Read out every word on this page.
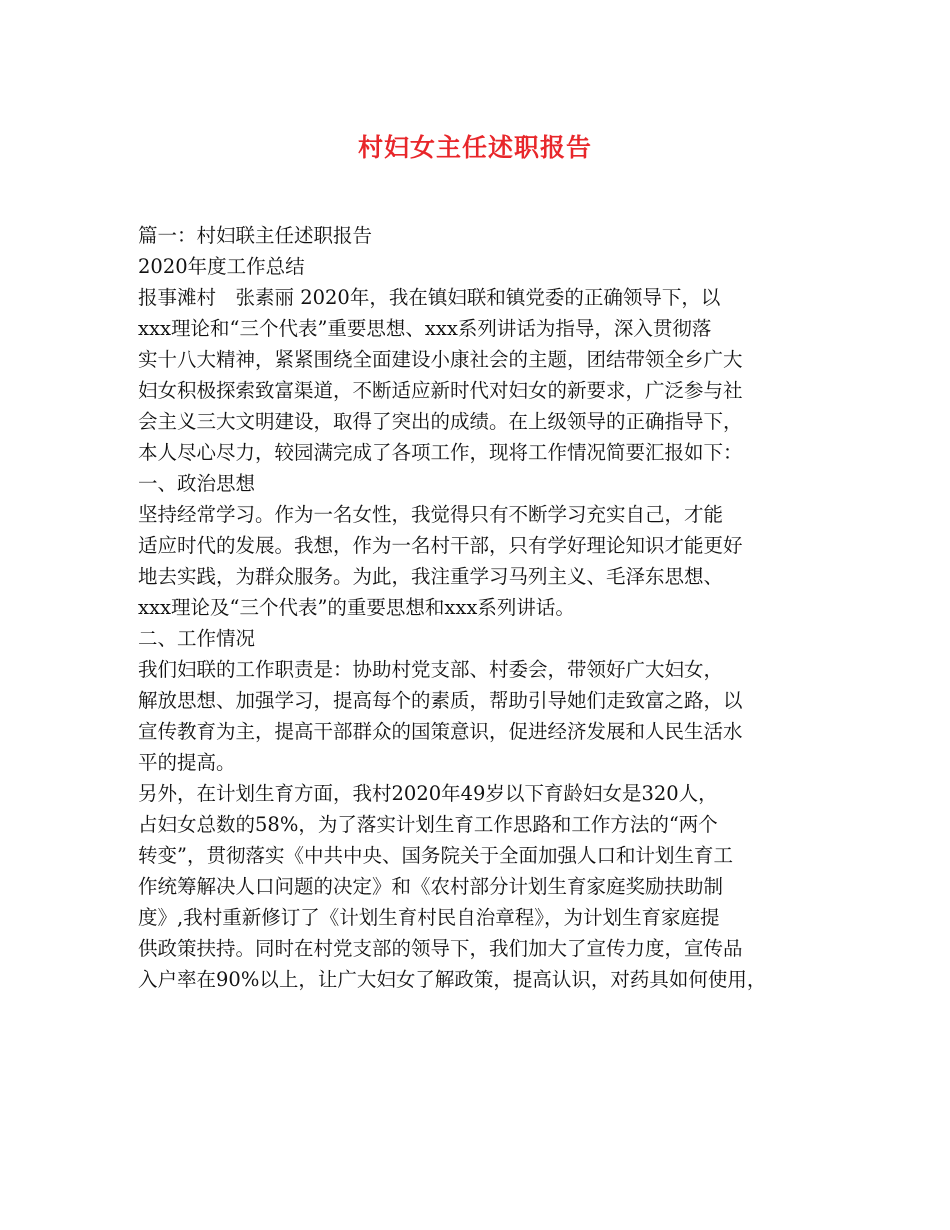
村妇女主任述职报告
篇一：村妇联主任述职报告
2020年度工作总结
报事滩村　张素丽 2020年，我在镇妇联和镇党委的正确领导下，以
xxx理论和“三个代表”重要思想、xxx系列讲话为指导，深入贯彻落
实十八大精神，紧紧围绕全面建设小康社会的主题，团结带领全乡广大
妇女积极探索致富渠道，不断适应新时代对妇女的新要求，广泛参与社
会主义三大文明建设，取得了突出的成绩。在上级领导的正确指导下，
本人尽心尽力，较园满完成了各项工作，现将工作情况简要汇报如下：
一、政治思想
坚持经常学习。作为一名女性，我觉得只有不断学习充实自己，才能
适应时代的发展。我想，作为一名村干部，只有学好理论知识才能更好
地去实践，为群众服务。为此，我注重学习马列主义、毛泽东思想、
xxx理论及“三个代表”的重要思想和xxx系列讲话。
二、工作情况
我们妇联的工作职责是：协助村党支部、村委会，带领好广大妇女，
解放思想、加强学习，提高每个的素质，帮助引导她们走致富之路，以
宣传教育为主，提高干部群众的国策意识，促进经济发展和人民生活水
平的提高。
另外，在计划生育方面，我村2020年49岁以下育龄妇女是320人，
占妇女总数的58%，为了落实计划生育工作思路和工作方法的“两个
转变”，贯彻落实《中共中央、国务院关于全面加强人口和计划生育工
作统筹解决人口问题的决定》和《农村部分计划生育家庭奖励扶助制
度》,我村重新修订了《计划生育村民自治章程》，为计划生育家庭提
供政策扶持。同时在村党支部的领导下，我们加大了宣传力度，宣传品
入户率在90%以上，让广大妇女了解政策，提高认识，对药具如何使用，
